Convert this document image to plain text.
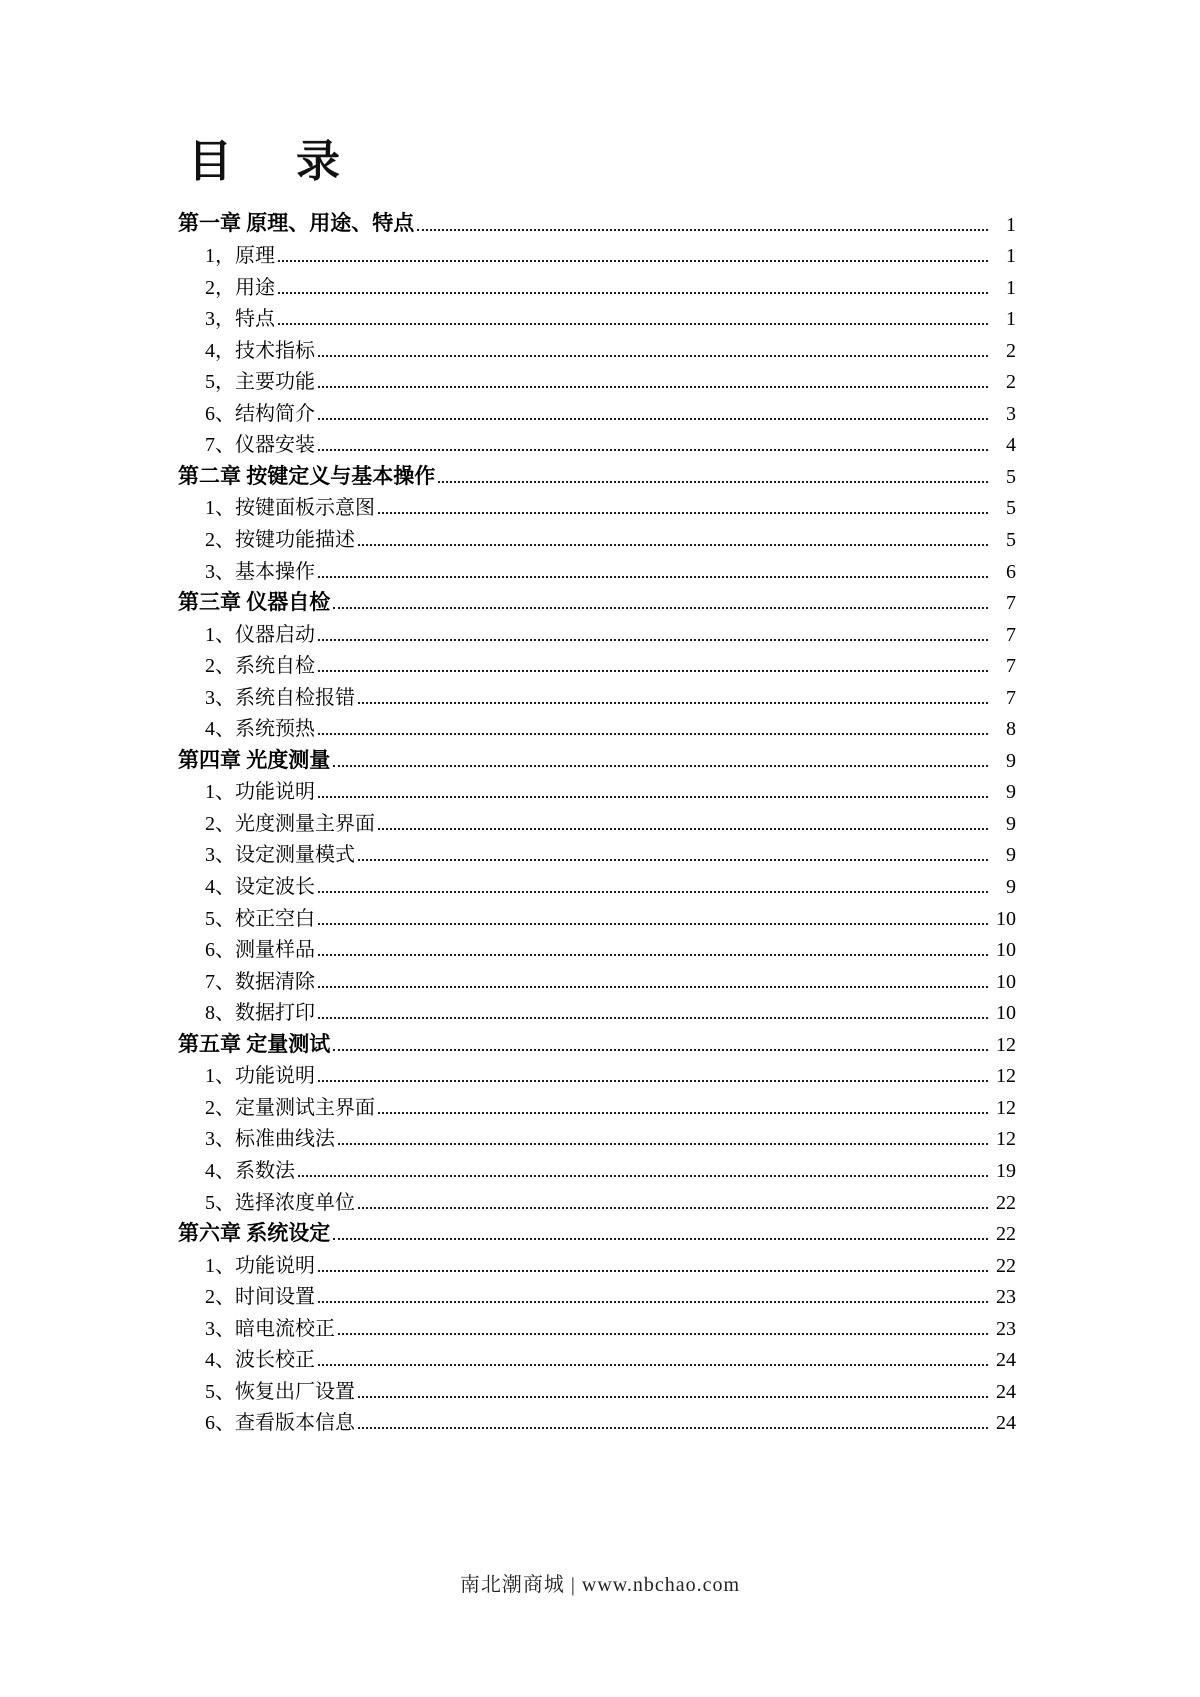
目　录
第一章 原理、用途、特点	1
1，原理	1
2，用途	1
3，特点	1
4，技术指标	2
5，主要功能	2
6、结构简介	3
7、仪器安装	4
第二章 按键定义与基本操作	5
1、按键面板示意图	5
2、按键功能描述	5
3、基本操作	6
第三章 仪器自检	7
1、仪器启动	7
2、系统自检	7
3、系统自检报错	7
4、系统预热	8
第四章 光度测量	9
1、功能说明	9
2、光度测量主界面	9
3、设定测量模式	9
4、设定波长	9
5、校正空白	10
6、测量样品	10
7、数据清除	10
8、数据打印	10
第五章 定量测试	12
1、功能说明	12
2、定量测试主界面	12
3、标准曲线法	12
4、系数法	19
5、选择浓度单位	22
第六章 系统设定	22
1、功能说明	22
2、时间设置	23
3、暗电流校正	23
4、波长校正	24
5、恢复出厂设置	24
6、查看版本信息	24
南北潮商城 | www.nbchao.com
